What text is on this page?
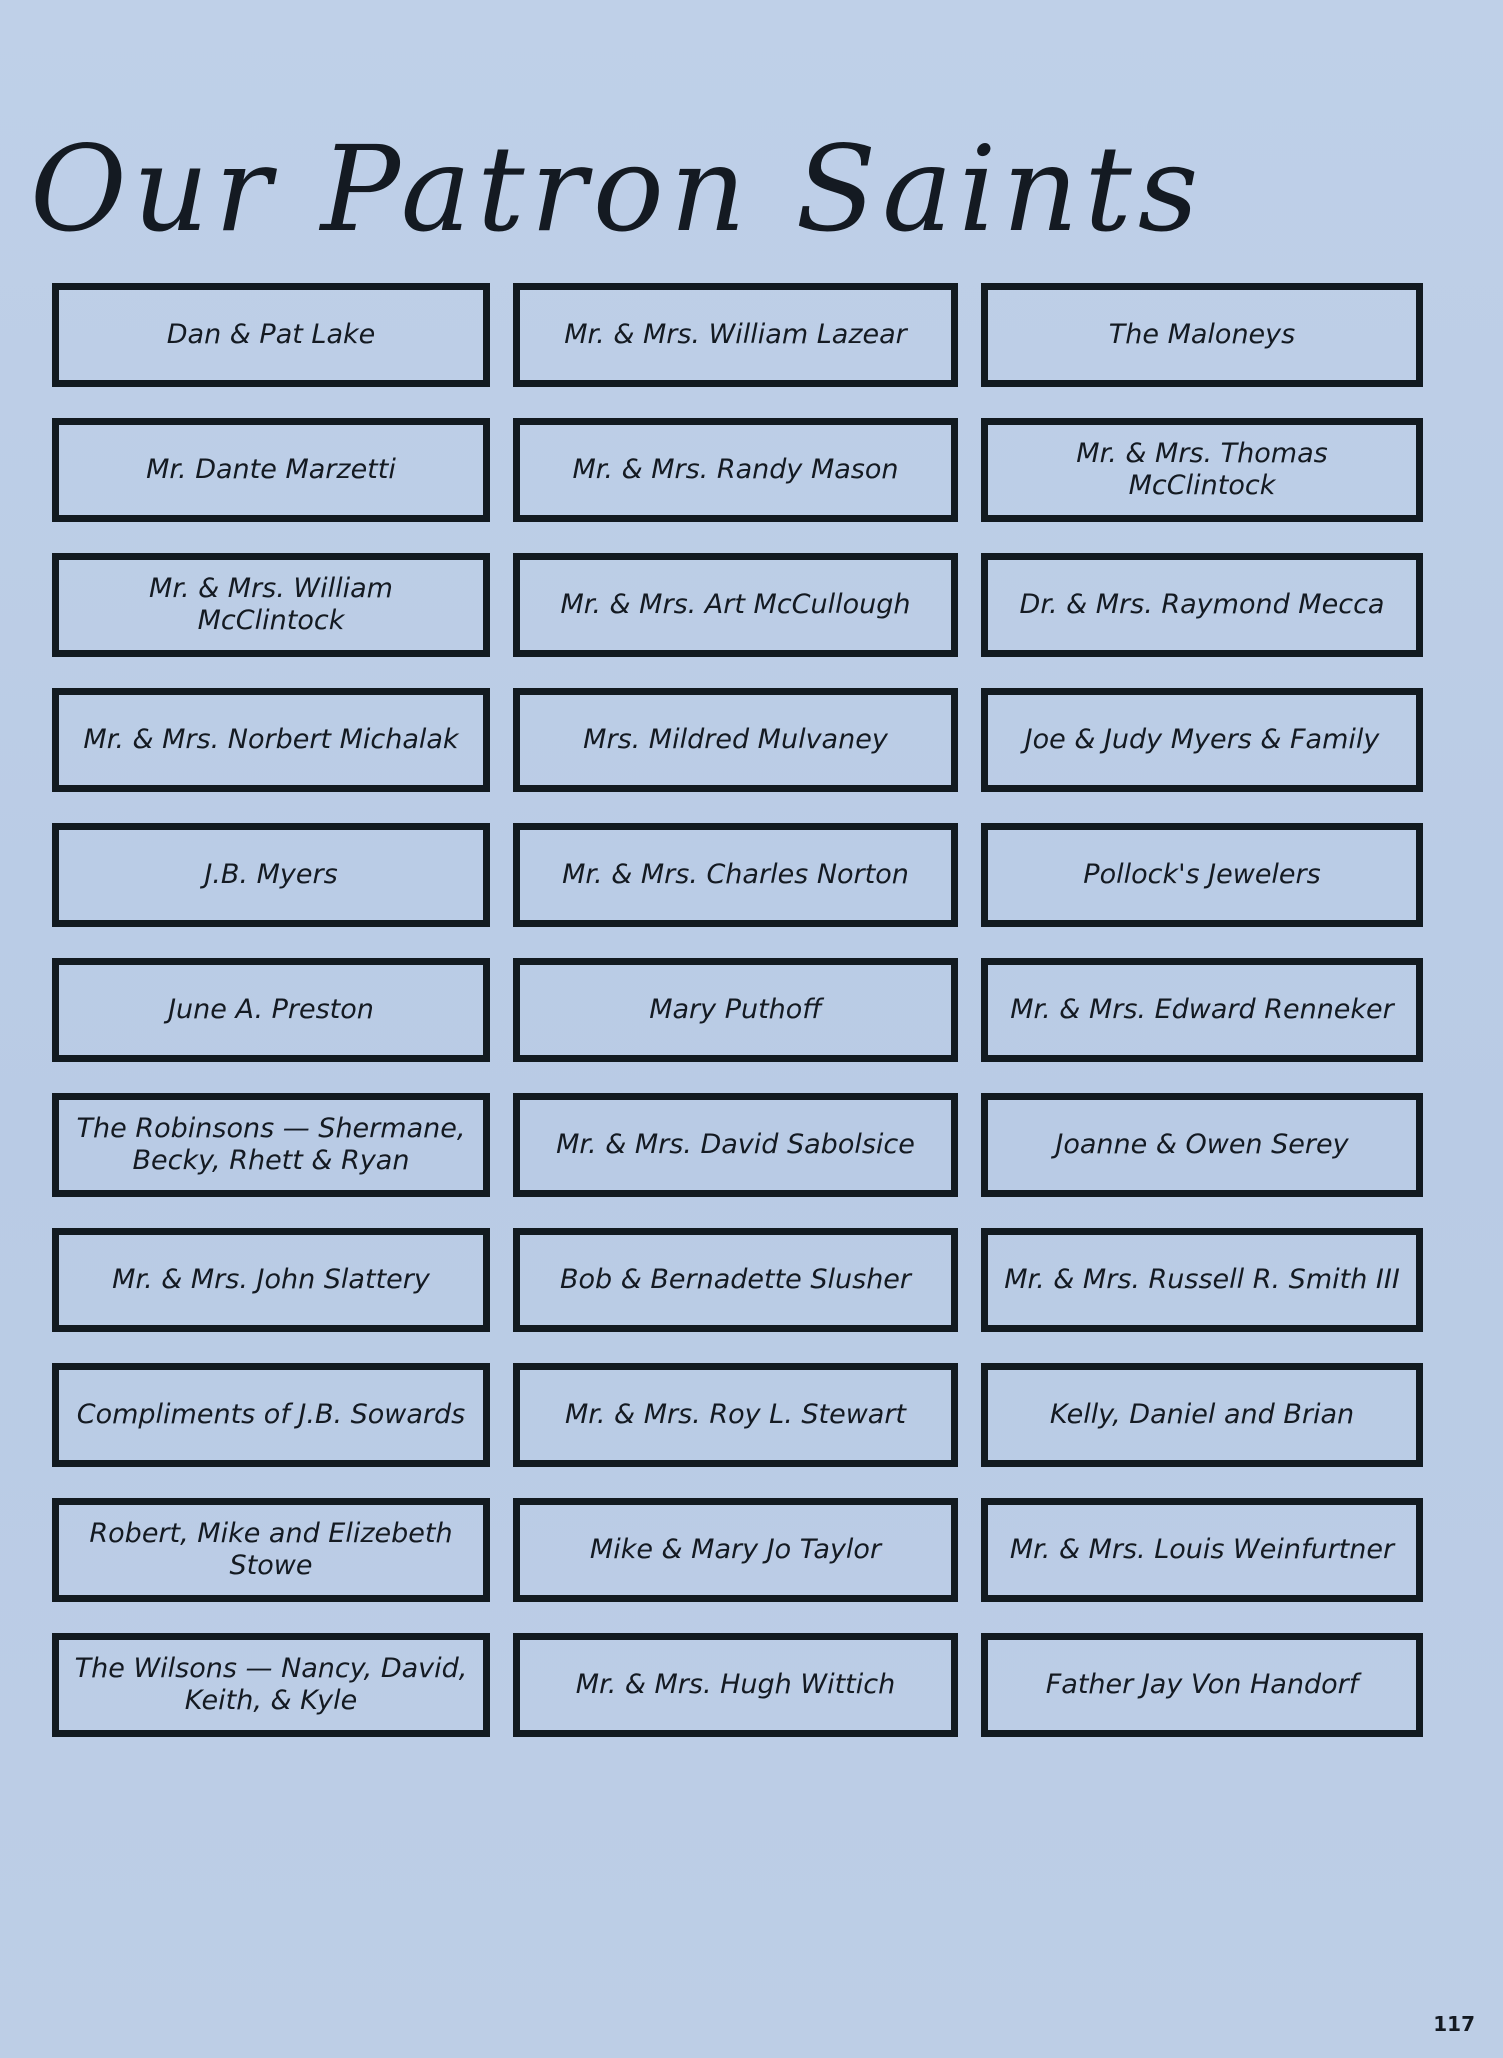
Our Patron Saints
Dan & Pat Lake	Mr. & Mrs. William Lazear	The Maloneys
Mr. Dante Marzetti	Mr. & Mrs. Randy Mason
Mr. & Mrs. Thomas McClintock
Mr. & Mrs. William McClintock
Mr. & Mrs. Art McCullough	Dr. & Mrs. Raymond Mecca
Mr. & Mrs. Norbert Michalak	Mrs. Mildred Mulvaney	Joe & Judy Myers & Family
J.B. Myers	Mr. & Mrs. Charles Norton	Pollock's Jewelers
June A. Preston	Mary Puthoff	Mr. & Mrs. Edward Renneker
The Robinsons — Shermane, Becky, Rhett & Ryan
Mr. & Mrs. David Sabolsice	Joanne & Owen Serey
Mr. & Mrs. John Slattery	Bob & Bernadette Slusher	Mr. & Mrs. Russell R. Smith III
Compliments of J.B. Sowards	Mr. & Mrs. Roy L. Stewart	Kelly, Daniel and Brian
Robert, Mike and Elizebeth Stowe
Mike & Mary Jo Taylor	Mr. & Mrs. Louis Weinfurtner
The Wilsons — Nancy, David, Keith, & Kyle
Mr. & Mrs. Hugh Wittich	Father Jay Von Handorf
117
